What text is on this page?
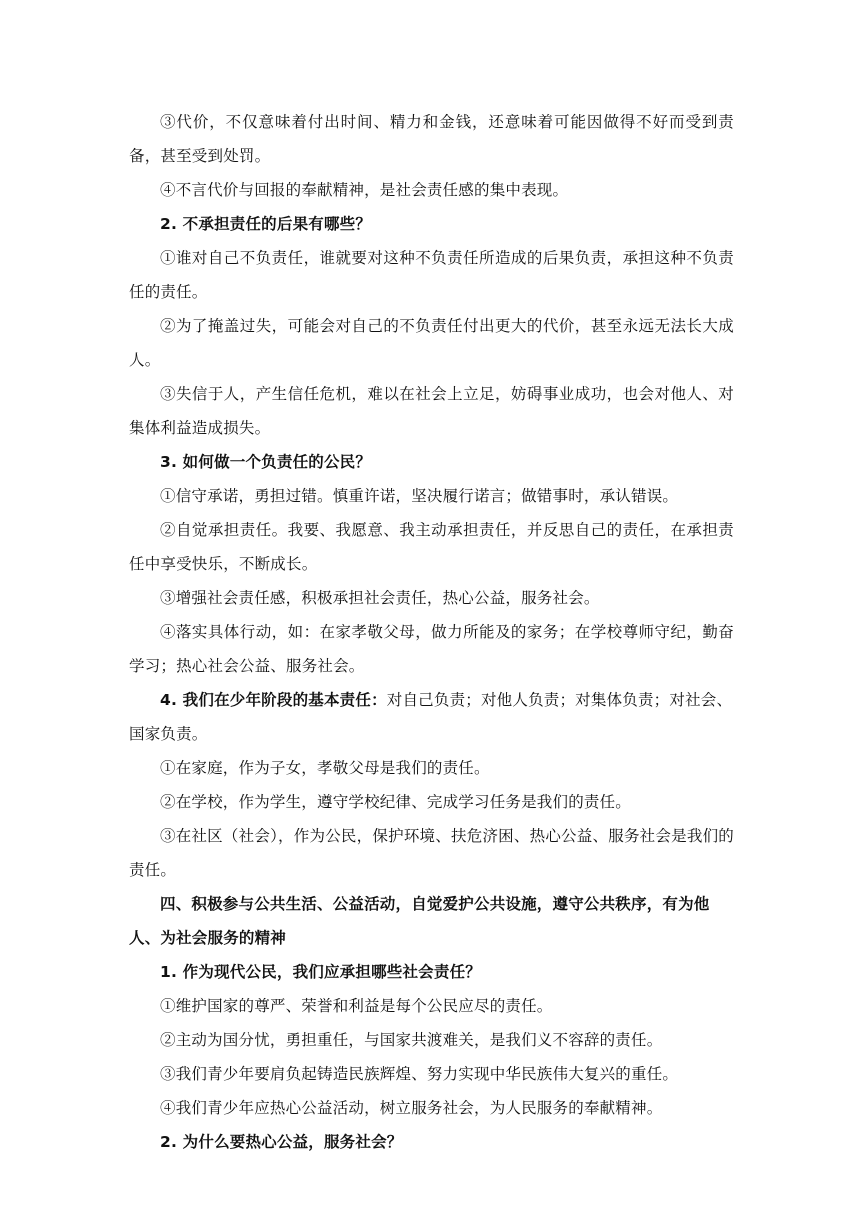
③代价，不仅意味着付出时间、精力和金钱，还意味着可能因做得不好而受到责备，甚至受到处罚。

④不言代价与回报的奉献精神，是社会责任感的集中表现。

2. 不承担责任的后果有哪些？

①谁对自己不负责任，谁就要对这种不负责任所造成的后果负责，承担这种不负责任的责任。

②为了掩盖过失，可能会对自己的不负责任付出更大的代价，甚至永远无法长大成人。

③失信于人，产生信任危机，难以在社会上立足，妨碍事业成功，也会对他人、对集体利益造成损失。

3. 如何做一个负责任的公民？

①信守承诺，勇担过错。慎重许诺，坚决履行诺言；做错事时，承认错误。

②自觉承担责任。我要、我愿意、我主动承担责任，并反思自己的责任，在承担责任中享受快乐，不断成长。

③增强社会责任感，积极承担社会责任，热心公益，服务社会。

④落实具体行动，如：在家孝敬父母，做力所能及的家务；在学校尊师守纪，勤奋学习；热心社会公益、服务社会。

4. 我们在少年阶段的基本责任：对自己负责；对他人负责；对集体负责；对社会、国家负责。

①在家庭，作为子女，孝敬父母是我们的责任。

②在学校，作为学生，遵守学校纪律、完成学习任务是我们的责任。

③在社区（社会），作为公民，保护环境、扶危济困、热心公益、服务社会是我们的责任。

四、积极参与公共生活、公益活动，自觉爱护公共设施，遵守公共秩序，有为他人、为社会服务的精神

1. 作为现代公民，我们应承担哪些社会责任？

①维护国家的尊严、荣誉和利益是每个公民应尽的责任。

②主动为国分忧，勇担重任，与国家共渡难关，是我们义不容辞的责任。

③我们青少年要肩负起铸造民族辉煌、努力实现中华民族伟大复兴的重任。

④我们青少年应热心公益活动，树立服务社会，为人民服务的奉献精神。

2. 为什么要热心公益，服务社会？
